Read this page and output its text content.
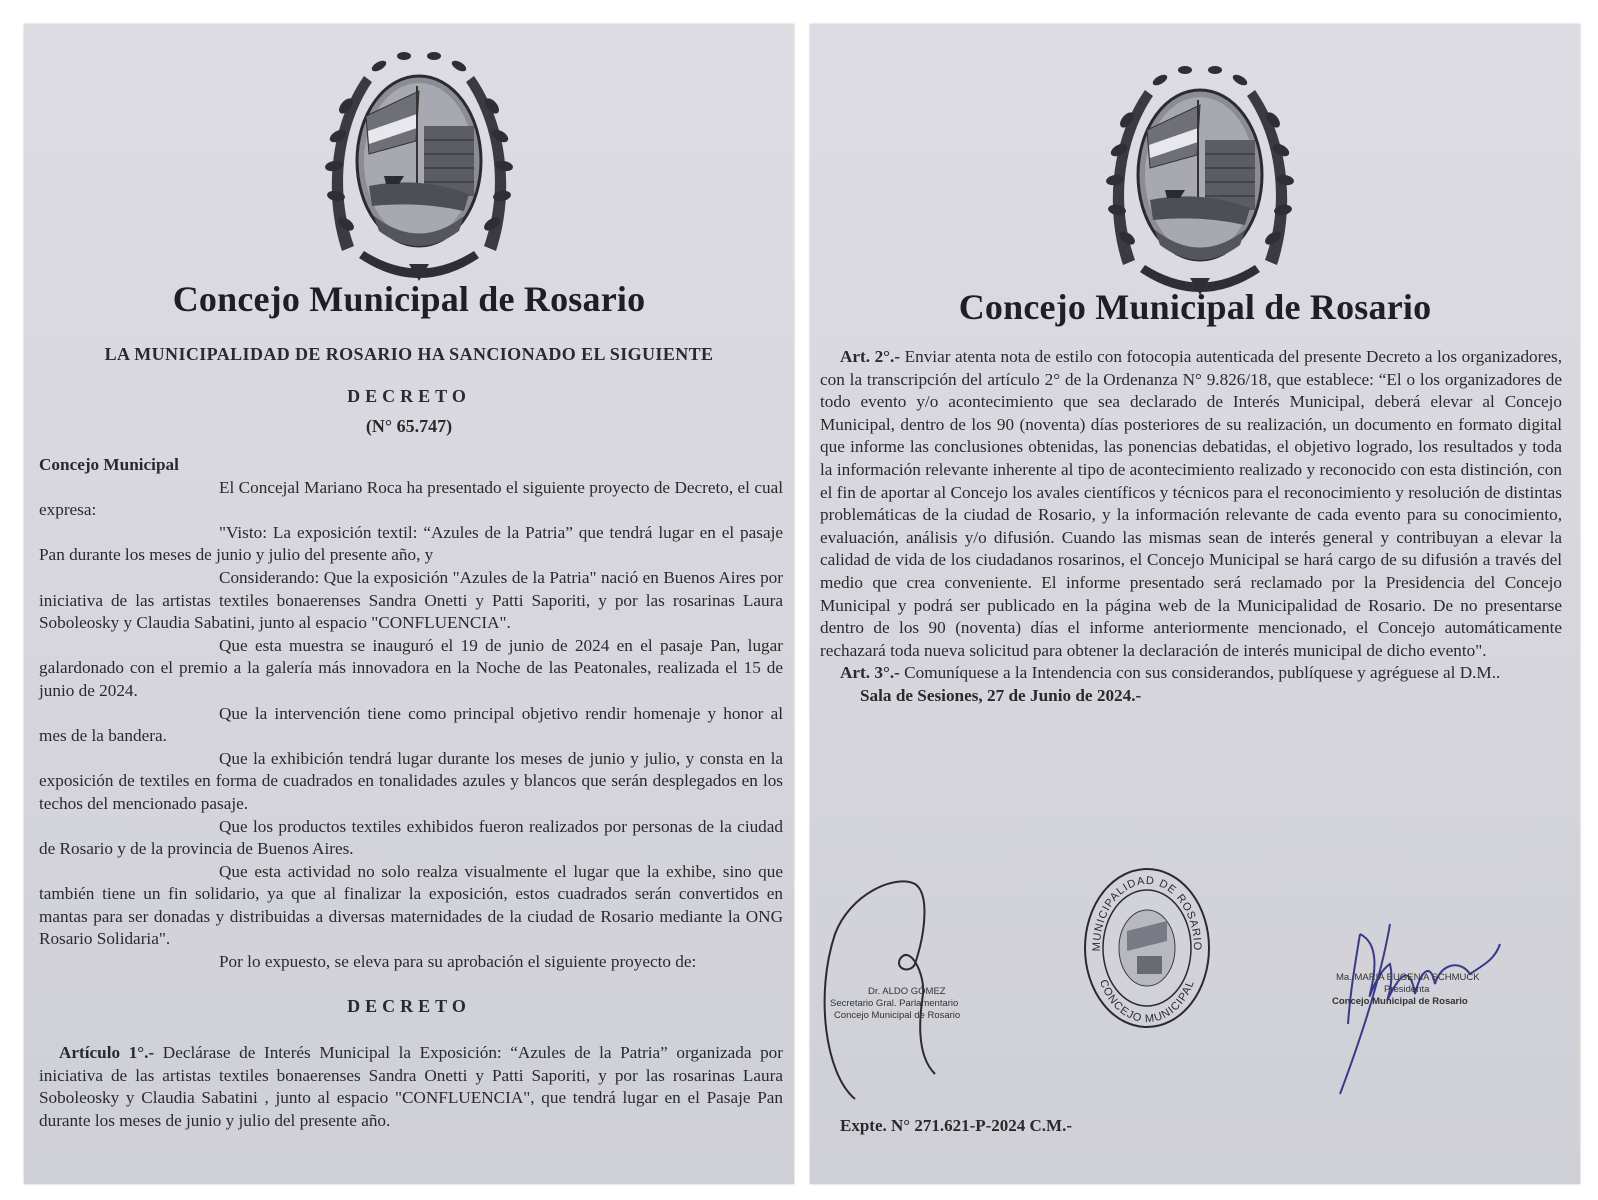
Concejo Municipal de Rosario
LA MUNICIPALIDAD DE ROSARIO HA SANCIONADO EL SIGUIENTE
DECRETO
(N° 65.747)

Concejo Municipal

El Concejal Mariano Roca ha presentado el siguiente proyecto de Decreto, el cual expresa:

"Visto: La exposición textil: “Azules de la Patria” que tendrá lugar en el pasaje Pan durante los meses de junio y julio del presente año, y

Considerando: Que la exposición "Azules de la Patria" nació en Buenos Aires por iniciativa de las artistas textiles bonaerenses Sandra Onetti y Patti Saporiti, y por las rosarinas Laura Soboleosky y Claudia Sabatini, junto al espacio "CONFLUENCIA".

Que esta muestra se inauguró el 19 de junio de 2024 en el pasaje Pan, lugar galardonado con el premio a la galería más innovadora en la Noche de las Peatonales, realizada el 15 de junio de 2024.

Que la intervención tiene como principal objetivo rendir homenaje y honor al mes de la bandera.

Que la exhibición tendrá lugar durante los meses de junio y julio, y consta en la exposición de textiles en forma de cuadrados en tonalidades azules y blancos que serán desplegados en los techos del mencionado pasaje.

Que los productos textiles exhibidos fueron realizados por personas de la ciudad de Rosario y de la provincia de Buenos Aires.

Que esta actividad no solo realza visualmente el lugar que la exhibe, sino que también tiene un fin solidario, ya que al finalizar la exposición, estos cuadrados serán convertidos en mantas para ser donadas y distribuidas a diversas maternidades de la ciudad de Rosario mediante la ONG Rosario Solidaria".

Por lo expuesto, se eleva para su aprobación el siguiente proyecto de:

DECRETO

Artículo 1°.- Declárase de Interés Municipal la Exposición: “Azules de la Patria” organizada por iniciativa de las artistas textiles bonaerenses Sandra Onetti y Patti Saporiti, y por las rosarinas Laura Soboleosky y Claudia Sabatini , junto al espacio "CONFLUENCIA", que tendrá lugar en el Pasaje Pan durante los meses de junio y julio del presente año.

Concejo Municipal de Rosario

Art. 2°.- Enviar atenta nota de estilo con fotocopia autenticada del presente Decreto a los organizadores, con la transcripción del artículo 2° de la Ordenanza N° 9.826/18, que establece: “El o los organizadores de todo evento y/o acontecimiento que sea declarado de Interés Municipal, deberá elevar al Concejo Municipal, dentro de los 90 (noventa) días posteriores de su realización, un documento en formato digital que informe las conclusiones obtenidas, las ponencias debatidas, el objetivo logrado, los resultados y toda la información relevante inherente al tipo de acontecimiento realizado y reconocido con esta distinción, con el fin de aportar al Concejo los avales científicos y técnicos para el reconocimiento y resolución de distintas problemáticas de la ciudad de Rosario, y la información relevante de cada evento para su conocimiento, evaluación, análisis y/o difusión. Cuando las mismas sean de interés general y contribuyan a elevar la calidad de vida de los ciudadanos rosarinos, el Concejo Municipal se hará cargo de su difusión a través del medio que crea conveniente. El informe presentado será reclamado por la Presidencia del Concejo Municipal y podrá ser publicado en la página web de la Municipalidad de Rosario. De no presentarse dentro de los 90 (noventa) días el informe anteriormente mencionado, el Concejo automáticamente rechazará toda nueva solicitud para obtener la declaración de interés municipal de dicho evento".

Art. 3°.- Comuníquese a la Intendencia con sus considerandos, publíquese y agréguese al D.M..

Sala de Sesiones, 27 de Junio de 2024.-

Dr. ALDO GÓMEZ
Secretario Gral. Parlamentario
Concejo Municipal de Rosario
MUNICIPALIDAD DE ROSARIO
CONCEJO MUNICIPAL
Ma. MARIA EUGENIA SCHMUCK
Presidenta
Concejo Municipal de Rosario
Expte. N° 271.621-P-2024 C.M.-
